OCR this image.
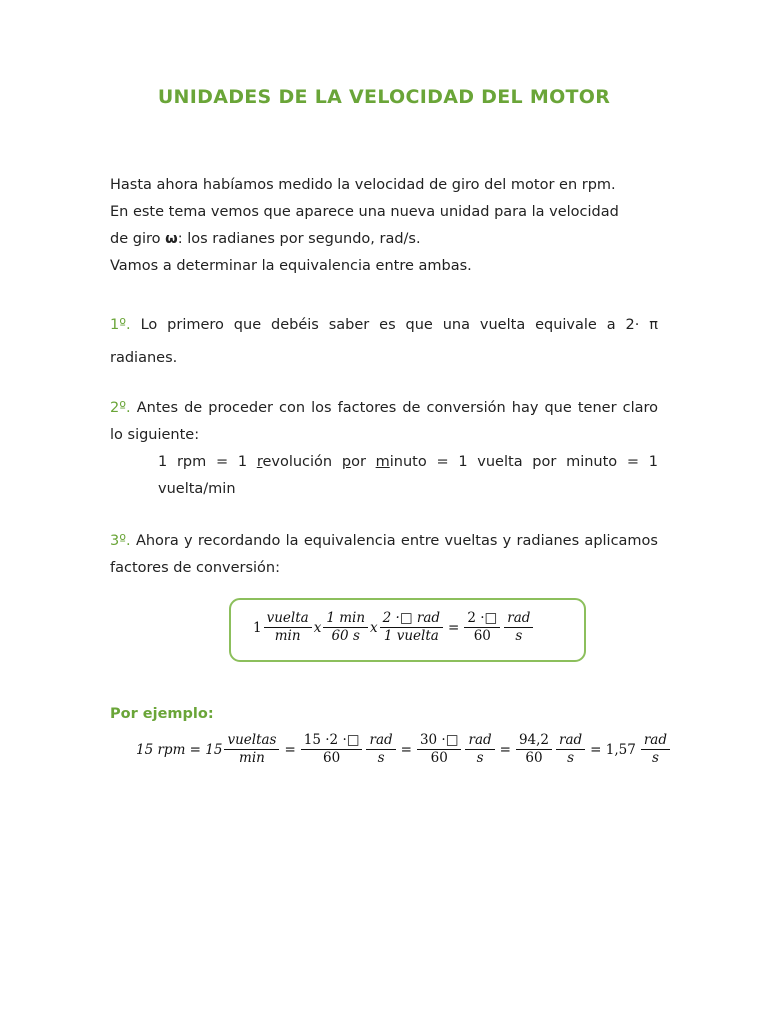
UNIDADES DE LA VELOCIDAD DEL MOTOR
Hasta ahora habíamos medido la velocidad de giro del motor en rpm.
En este tema vemos que aparece una nueva unidad para la velocidad
de giro ω: los radianes por segundo, rad/s.
Vamos a determinar la equivalencia entre ambas.
1º. Lo primero que debéis saber es que una vuelta equivale a 2· π radianes.
2º. Antes de proceder con los factores de conversión hay que tener claro lo siguiente:
1 rpm = 1 revolución por minuto = 1 vuelta por minuto = 1 vuelta/min
3º. Ahora y recordando la equivalencia entre vueltas y radianes aplicamos factores de conversión:
$1 \frac{\text{vuelta}}{\min}$ x $\frac{1 \min}{60 s}$ x $\frac{\text{2 ·□ rad}}{\text{1 vuelta}} = \frac{2 \cdot□}{60} \frac{\text{rad}}{s}$
Por ejemplo:
15 rpm = $15 \frac{\text{vueltas}}{\min} = \frac{15 \cdot 2 \cdot□}{60} \frac{\text{rad}}{s} = \frac{30 \cdot□}{60} \frac{\text{rad}}{s} = \frac{94,2}{60} \frac{\text{rad}}{s} = 1,57 \frac{\text{rad}}{s}$
